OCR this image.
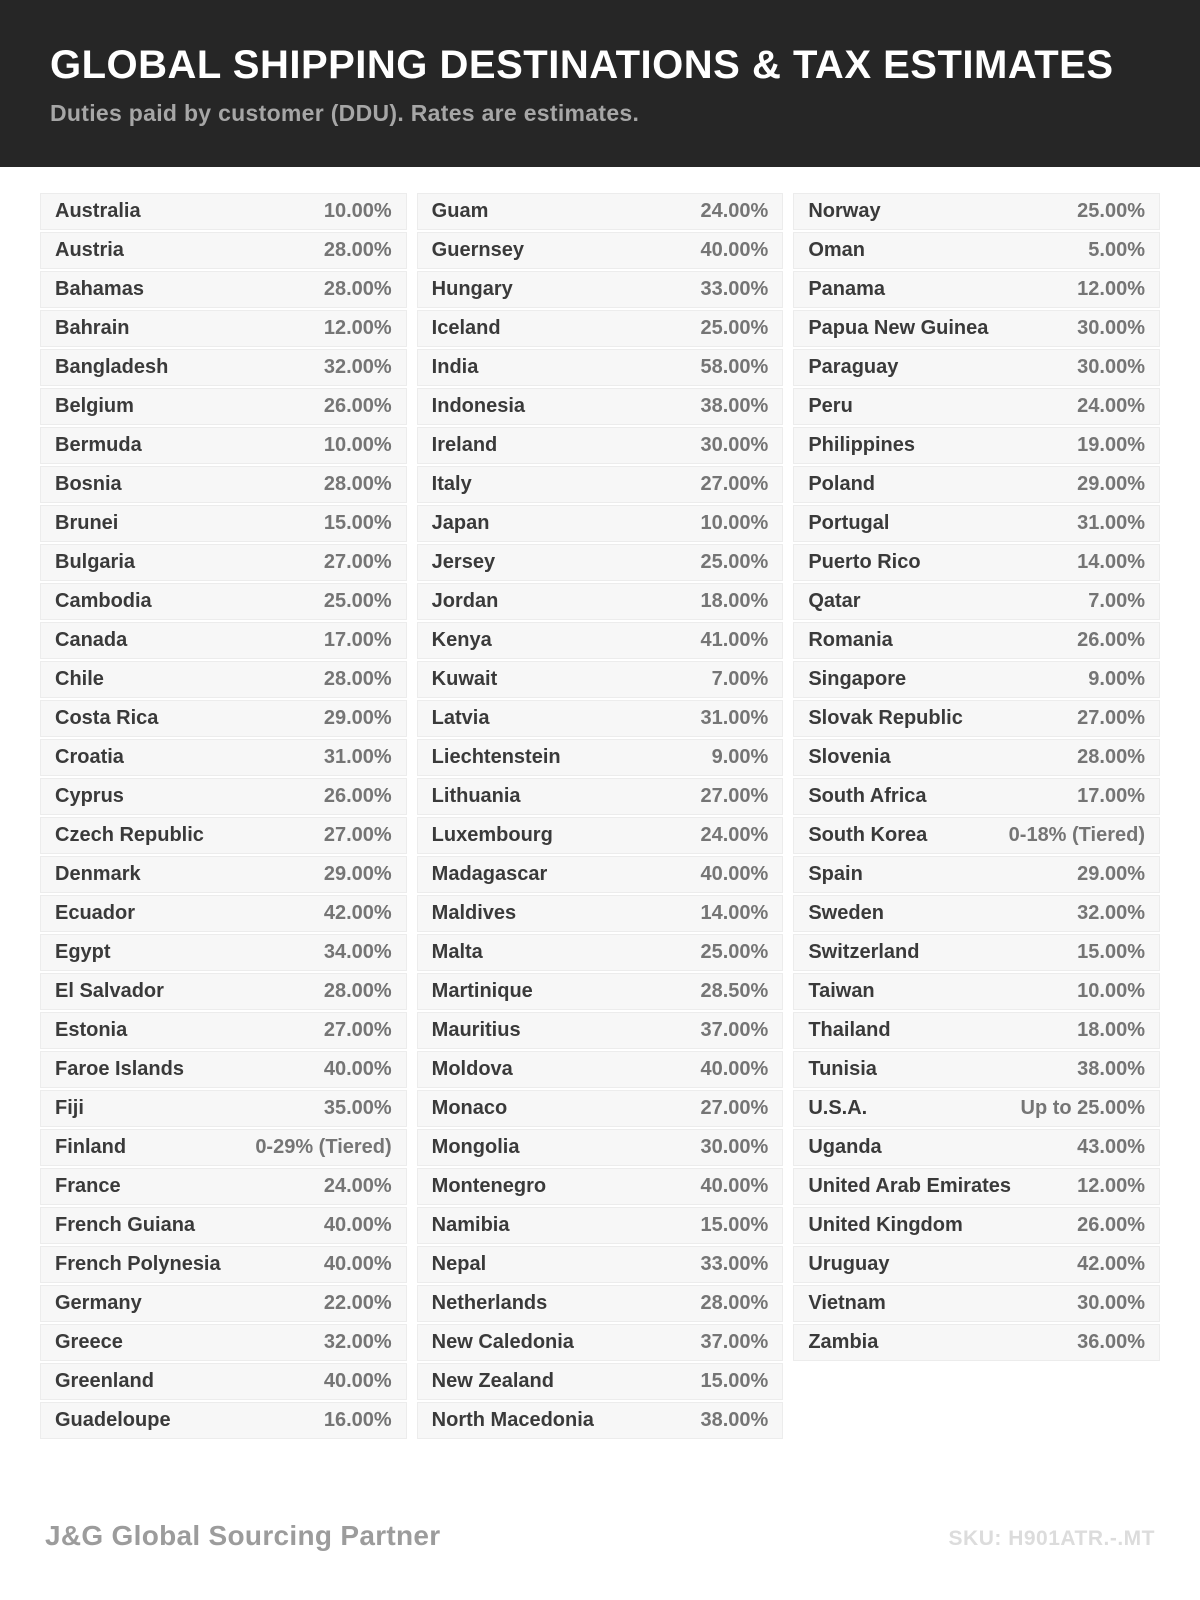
GLOBAL SHIPPING DESTINATIONS & TAX ESTIMATES

Duties paid by customer (DDU). Rates are estimates.

Australia	10.00%
Austria	28.00%
Bahamas	28.00%
Bahrain	12.00%
Bangladesh	32.00%
Belgium	26.00%
Bermuda	10.00%
Bosnia	28.00%
Brunei	15.00%
Bulgaria	27.00%
Cambodia	25.00%
Canada	17.00%
Chile	28.00%
Costa Rica	29.00%
Croatia	31.00%
Cyprus	26.00%
Czech Republic	27.00%
Denmark	29.00%
Ecuador	42.00%
Egypt	34.00%
El Salvador	28.00%
Estonia	27.00%
Faroe Islands	40.00%
Fiji	35.00%
Finland	0-29% (Tiered)
France	24.00%
French Guiana	40.00%
French Polynesia	40.00%
Germany	22.00%
Greece	32.00%
Greenland	40.00%
Guadeloupe	16.00%
Guam	24.00%
Guernsey	40.00%
Hungary	33.00%
Iceland	25.00%
India	58.00%
Indonesia	38.00%
Ireland	30.00%
Italy	27.00%
Japan	10.00%
Jersey	25.00%
Jordan	18.00%
Kenya	41.00%
Kuwait	7.00%
Latvia	31.00%
Liechtenstein	9.00%
Lithuania	27.00%
Luxembourg	24.00%
Madagascar	40.00%
Maldives	14.00%
Malta	25.00%
Martinique	28.50%
Mauritius	37.00%
Moldova	40.00%
Monaco	27.00%
Mongolia	30.00%
Montenegro	40.00%
Namibia	15.00%
Nepal	33.00%
Netherlands	28.00%
New Caledonia	37.00%
New Zealand	15.00%
North Macedonia	38.00%
Norway	25.00%
Oman	5.00%
Panama	12.00%
Papua New Guinea	30.00%
Paraguay	30.00%
Peru	24.00%
Philippines	19.00%
Poland	29.00%
Portugal	31.00%
Puerto Rico	14.00%
Qatar	7.00%
Romania	26.00%
Singapore	9.00%
Slovak Republic	27.00%
Slovenia	28.00%
South Africa	17.00%
South Korea	0-18% (Tiered)
Spain	29.00%
Sweden	32.00%
Switzerland	15.00%
Taiwan	10.00%
Thailand	18.00%
Tunisia	38.00%
U.S.A.	Up to 25.00%
Uganda	43.00%
United Arab Emirates	12.00%
United Kingdom	26.00%
Uruguay	42.00%
Vietnam	30.00%
Zambia	36.00%
J&G Global Sourcing Partner	SKU: H901ATR.-.MT
